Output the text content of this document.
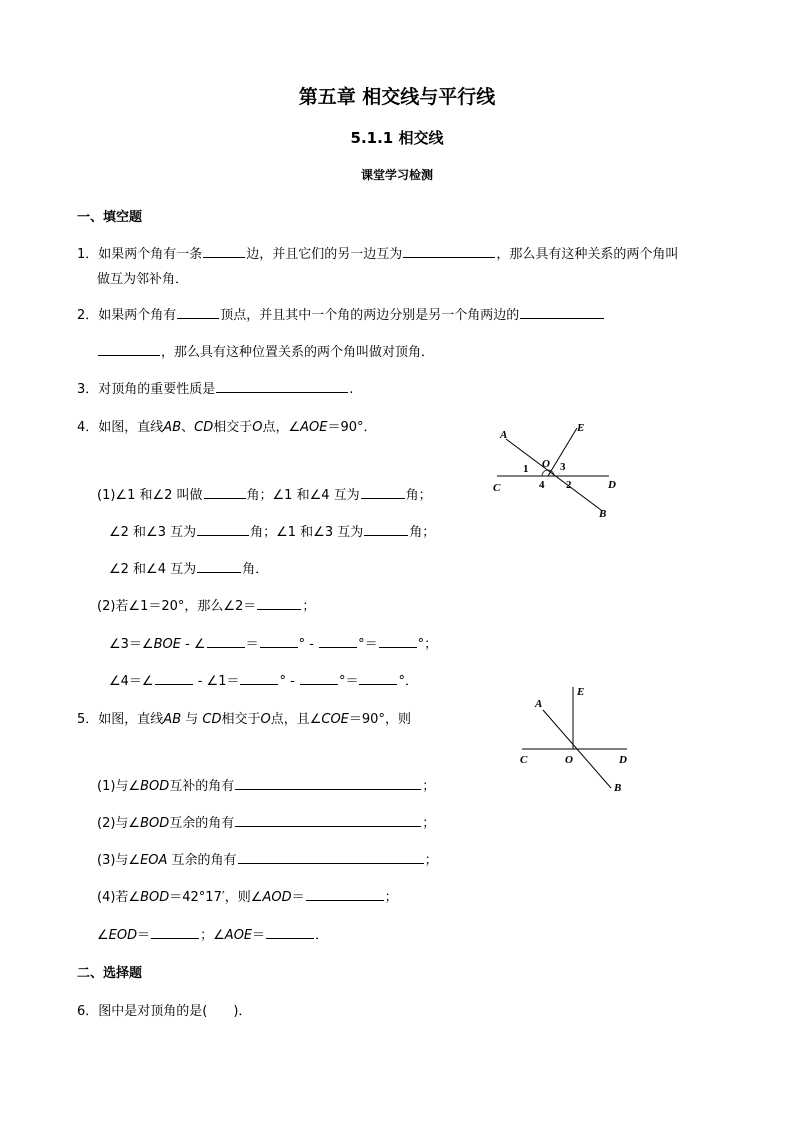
第五章 相交线与平行线
5.1.1 相交线
课堂学习检测
一、填空题
1．如果两个角有一条	边，并且它们的另一边互为	，那么具有这种关系的两个角叫
做互为邻补角．
2．如果两个角有	顶点，并且其中一个角的两边分别是另一个角两边的
，那么具有这种位置关系的两个角叫做对顶角．
3．对顶角的重要性质是	.
4．如图，直线AB、CD相交于O点，∠AOE＝90°．
(1)∠1 和∠2 叫做	角；∠1 和∠4 互为	角；
∠2 和∠3 互为	角；∠1 和∠3 互为	角；
∠2 和∠4 互为	角．
(2)若∠1＝20°，那么∠2＝	；
∠3＝∠BOE - ∠	＝	° -	°＝	°；
∠4＝∠	- ∠1＝	° -	°＝	°．
A
E
O
1	3
4 2
C	D
B
5．如图，直线AB 与 CD相交于O点，且∠COE＝90°，则
(1)与∠BOD互补的角有	；
(2)与∠BOD互余的角有	；
(3)与∠EOA 互余的角有	；
(4)若∠BOD＝42°17′，则∠AOD＝	；
∠EOD＝	；∠AOE＝	．
A
E
C	O	D
B
二、选择题
6．图中是对顶角的是(　　)．
